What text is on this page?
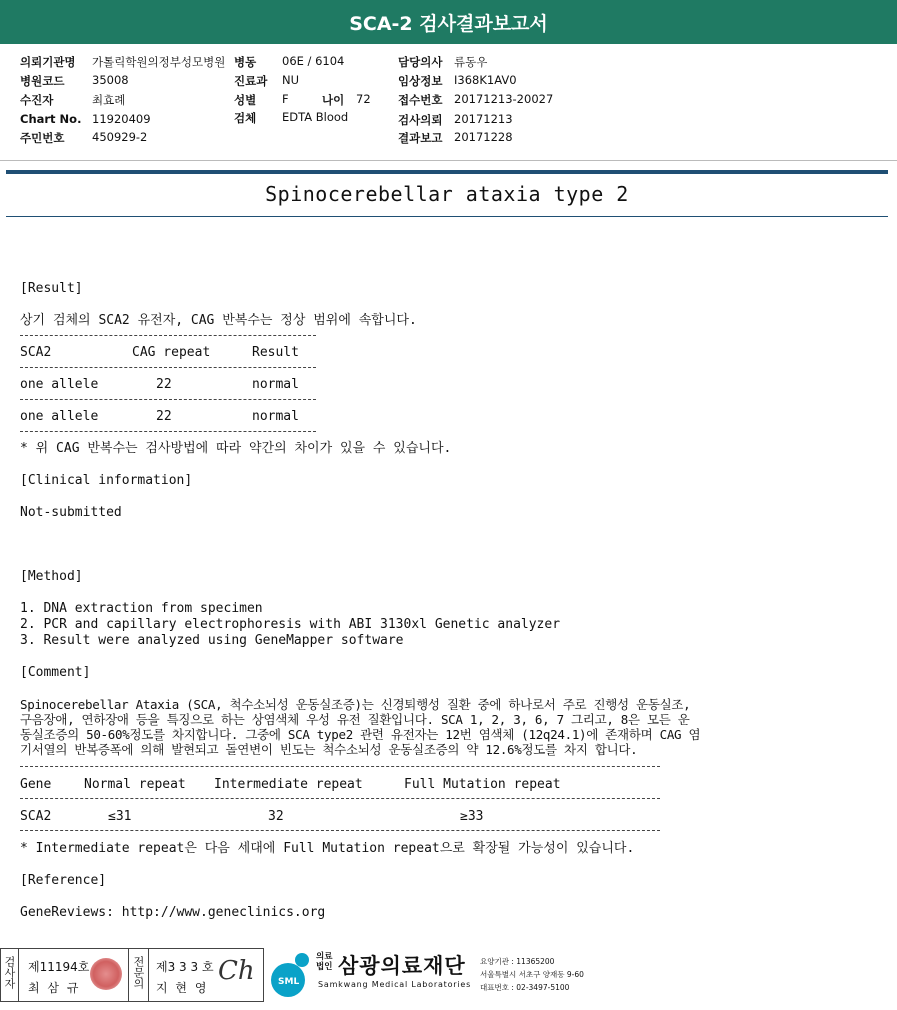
SCA-2 검사결과보고서
의뢰기관명 가톨릭학원의정부성모병원 병동 06E / 6104	담당의사 류동우
병원코드 35008	진료과 NU	임상정보 I368K1AV0
수진자	최효례	성별 F	나이 72 접수번호 20171213-20027
Chart No. 11920409	검체 EDTA Blood	검사의뢰 20171213
주민번호 450929-2	결과보고 20171228
Spinocerebellar ataxia type 2
[Result]
상기 검체의 SCA2 유전자, CAG 반복수는 정상 범위에 속합니다.
SCA2	CAG repeat	Result
one allele	22	normal
one allele	22	normal
* 위 CAG 반복수는 검사방법에 따라 약간의 차이가 있을 수 있습니다.
[Clinical information]
Not-submitted
[Method]
1. DNA extraction from specimen
2. PCR and capillary electrophoresis with ABI 3130xl Genetic analyzer
3. Result were analyzed using GeneMapper software
[Comment]
Spinocerebellar Ataxia (SCA, 척수소뇌성 운동실조증)는 신경퇴행성 질환 중에 하나로서 주로 진행성 운동실조,
구음장애, 연하장애 등을 특징으로 하는 상염색체 우성 유전 질환입니다. SCA 1, 2, 3, 6, 7 그리고, 8은 모든 운
동실조증의 50-60%정도를 차지합니다. 그중에 SCA type2 관련 유전자는 12번 염색체 (12q24.1)에 존재하며 CAG 염
기서열의 반복증폭에 의해 발현되고 돌연변이 빈도는 척수소뇌성 운동실조증의 약 12.6%정도를 차지 합니다.
Gene	Normal repeat Intermediate repeat	Full Mutation repeat
SCA2	≤31	32	≥33
* Intermediate repeat은 다음 세대에 Full Mutation repeat으로 확장될 가능성이 있습니다.
[Reference]
GeneReviews: http://www.geneclinics.org
검사자 제11194호
최 삼 규	전문의 제3 3 3 호
지 현 영
Ch	SML
의료
법인 삼광의료재단
Samkwang Medical Laboratories
요양기관 : 11365200
서울특별시 서초구 양재동 9-60
대표번호 : 02-3497-5100
